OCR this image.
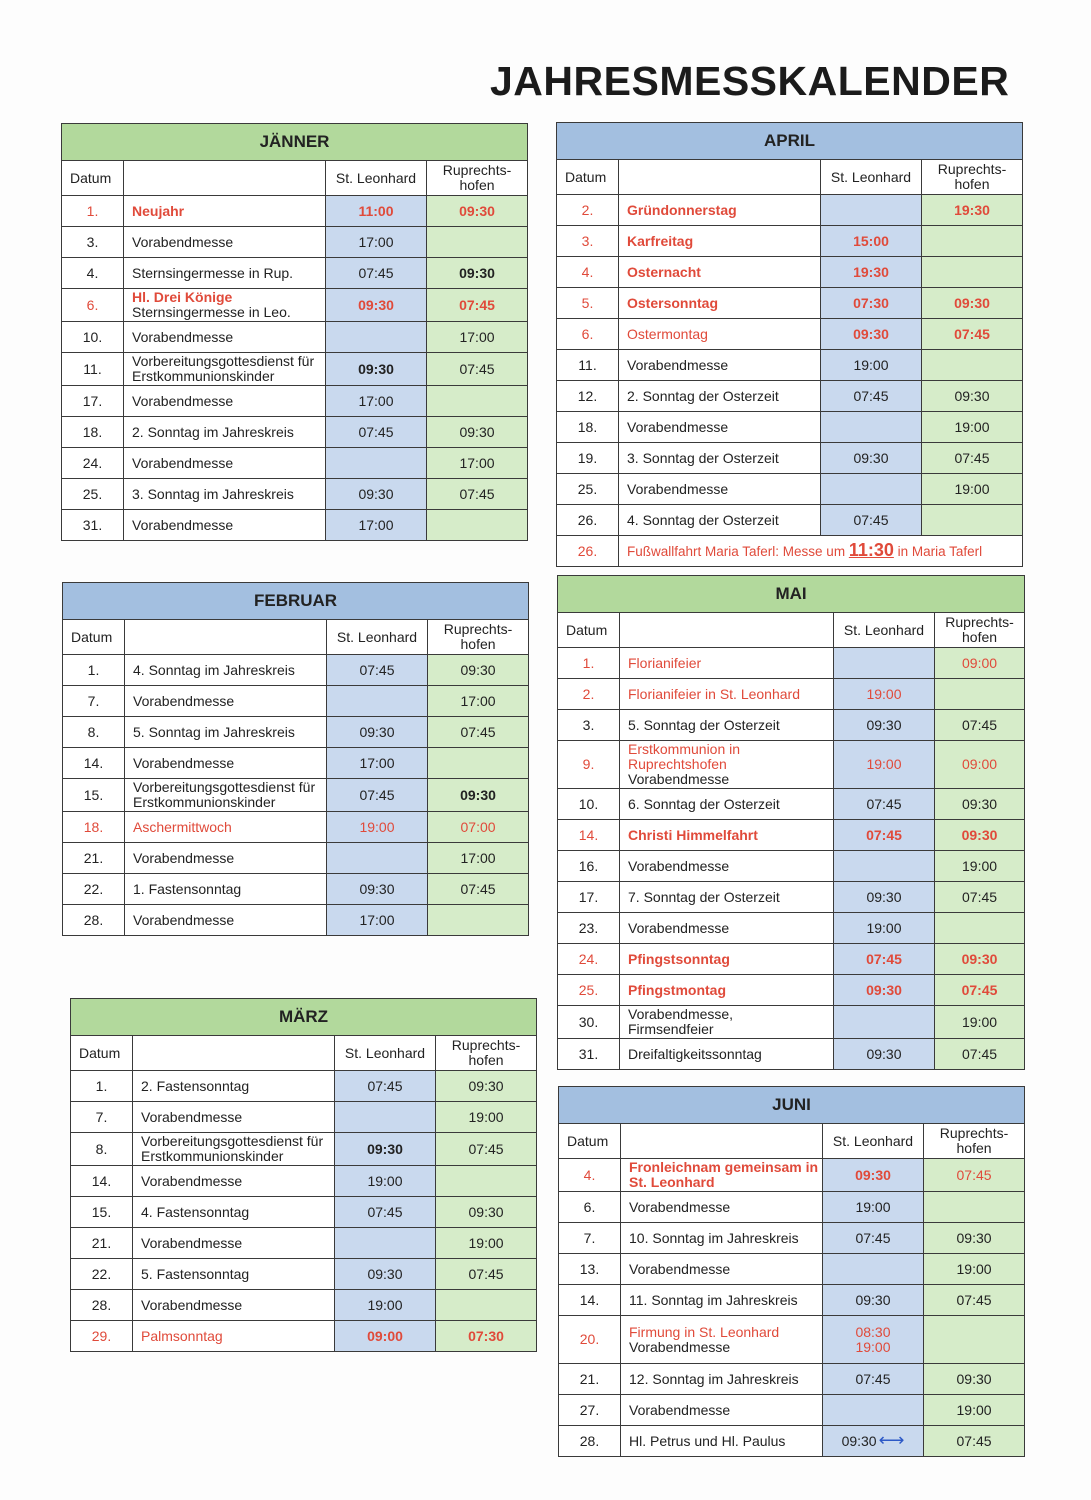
JAHRESMESSKALENDER
JÄNNER			
Datum		St. Leonhard	Ruprechts-
hofen
1.	Neujahr	11:00	09:30
3.	Vorabendmesse	17:00	
4.	Sternsingermesse in Rup.	07:45	09:30
6.	Hl. Drei Könige
Sternsingermesse in Leo.	09:30	07:45
10.	Vorabendmesse		17:00
11.	Vorbereitungsgottesdienst für Erstkommunionskinder	09:30	07:45
17.	Vorabendmesse	17:00	
18.	2. Sonntag im Jahreskreis	07:45	09:30
24.	Vorabendmesse		17:00
25.	3. Sonntag im Jahreskreis	09:30	07:45
31.	Vorabendmesse	17:00	
FEBRUAR			
Datum		St. Leonhard	Ruprechts-
hofen
1.	4. Sonntag im Jahreskreis	07:45	09:30
7.	Vorabendmesse		17:00
8.	5. Sonntag im Jahreskreis	09:30	07:45
14.	Vorabendmesse	17:00	
15.	Vorbereitungsgottesdienst für Erstkommunionskinder	07:45	09:30
18.	Aschermittwoch	19:00	07:00
21.	Vorabendmesse		17:00
22.	1. Fastensonntag	09:30	07:45
28.	Vorabendmesse	17:00	
MÄRZ			
Datum		St. Leonhard	Ruprechts-
hofen
1.	2. Fastensonntag	07:45	09:30
7.	Vorabendmesse		19:00
8.	Vorbereitungsgottesdienst für Erstkommunionskinder	09:30	07:45
14.	Vorabendmesse	19:00	
15.	4. Fastensonntag	07:45	09:30
21.	Vorabendmesse		19:00
22.	5. Fastensonntag	09:30	07:45
28.	Vorabendmesse	19:00	
29.	Palmsonntag	09:00	07:30
APRIL			
Datum		St. Leonhard	Ruprechts-
hofen
2.	Gründonnerstag		19:30
3.	Karfreitag	15:00	
4.	Osternacht	19:30	
5.	Ostersonntag	07:30	09:30
6.	Ostermontag	09:30	07:45
11.	Vorabendmesse	19:00	
12.	2. Sonntag der Osterzeit	07:45	09:30
18.	Vorabendmesse		19:00
19.	3. Sonntag der Osterzeit	09:30	07:45
25.	Vorabendmesse		19:00
26.	4. Sonntag der Osterzeit	07:45	
26.	Fußwallfahrt Maria Taferl: Messe um 11:30 in Maria Taferl		
MAI			
Datum		St. Leonhard	Ruprechts-
hofen
1.	Florianifeier		09:00
2.	Florianifeier in St. Leonhard	19:00	
3.	5. Sonntag der Osterzeit	09:30	07:45
9.	Erstkommunion in Ruprechtshofen
Vorabendmesse	19:00	09:00
10.	6. Sonntag der Osterzeit	07:45	09:30
14.	Christi Himmelfahrt	07:45	09:30
16.	Vorabendmesse		19:00
17.	7. Sonntag der Osterzeit	09:30	07:45
23.	Vorabendmesse	19:00	
24.	Pfingstsonntag	07:45	09:30
25.	Pfingstmontag	09:30	07:45
30.	Vorabendmesse,
Firmsendfeier		19:00
31.	Dreifaltigkeitssonntag	09:30	07:45
JUNI			
Datum		St. Leonhard	Ruprechts-
hofen
4.	Fronleichnam gemeinsam in St. Leonhard	09:30	07:45
6.	Vorabendmesse	19:00	
7.	10. Sonntag im Jahreskreis	07:45	09:30
13.	Vorabendmesse		19:00
14.	11. Sonntag im Jahreskreis	09:30	07:45
20.	Firmung in St. Leonhard
Vorabendmesse	08:30
19:00	
21.	12. Sonntag im Jahreskreis	07:45	09:30
27.	Vorabendmesse		19:00
28.	Hl. Petrus und Hl. Paulus	09:30 ⟷	07:45
